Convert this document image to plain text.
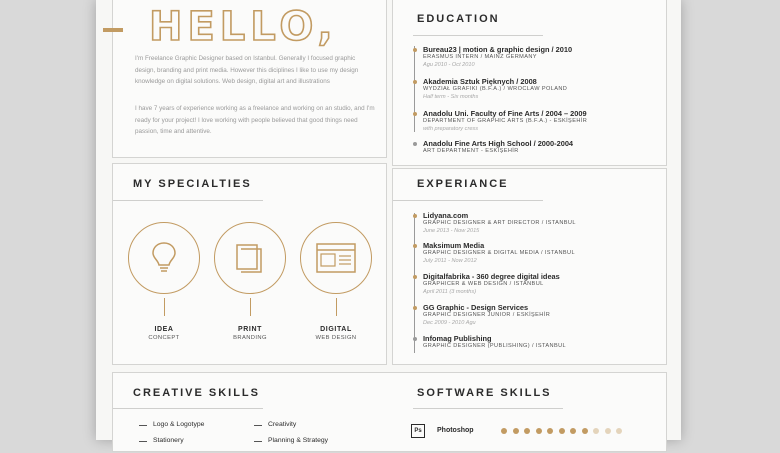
HELLO,
I'm Freelance Graphic Designer based on Istanbul. Generally I focused graphic design, branding and print media. However this diciplines I like to use my design knowledge on digital solutions. Web design, digital art and illustrations
I have 7 years of experience working as a freelance and working on an studio, and I'm ready for your project! I love working with people believed that good things need passion, time and attentive.
EDUCATION
Bureau23 | motion & graphic design / 2010
ERASMUS INTERN / MAINZ GERMANY
Agu 2010 - Oct 2010
Akademia Sztuk Pięknych / 2008
WYDZIAŁ GRAFIKI (B.F.A.) / WROCLAW POLAND
Half term - Six months
Anadolu Uni. Faculty of Fine Arts / 2004 – 2009
DEPARTMENT OF GRAPHIC ARTS (B.F.A.) - ESKİŞEHİR
with preparatory cress
Anadolu Fine Arts High School / 2000-2004
ART DEPARTMENT - ESKİŞEHİR
MY SPECIALTIES
IDEA
CONCEPT
PRINT
BRANDING
DIGITAL
WEB DESIGN
EXPERIANCE
Lidyana.com
GRAPHIC DESIGNER & ART DIRECTOR / ISTANBUL
June 2013 - Now 2015
Maksimum Media
GRAPHIC DESIGNER & DIGITAL MEDIA / ISTANBUL
July 2011 - Now 2012
Digitalfabrika - 360 degree digital ideas
GRAPHICER & WEB DESIGN / ISTANBUL
April 2011 (3 months)
GG Graphic - Design Services
GRAPHIC DESIGNER JUNIOR / ESKİŞEHİR
Dec 2009 - 2010 Agu
Infomag Publishing
GRAPHIC DESIGNER (PUBLISHING) / ISTANBUL
CREATIVE SKILLS
Logo & Logotype
Stationery
Creativity
Planning & Strategy
SOFTWARE SKILLS
Ps	Photoshop
